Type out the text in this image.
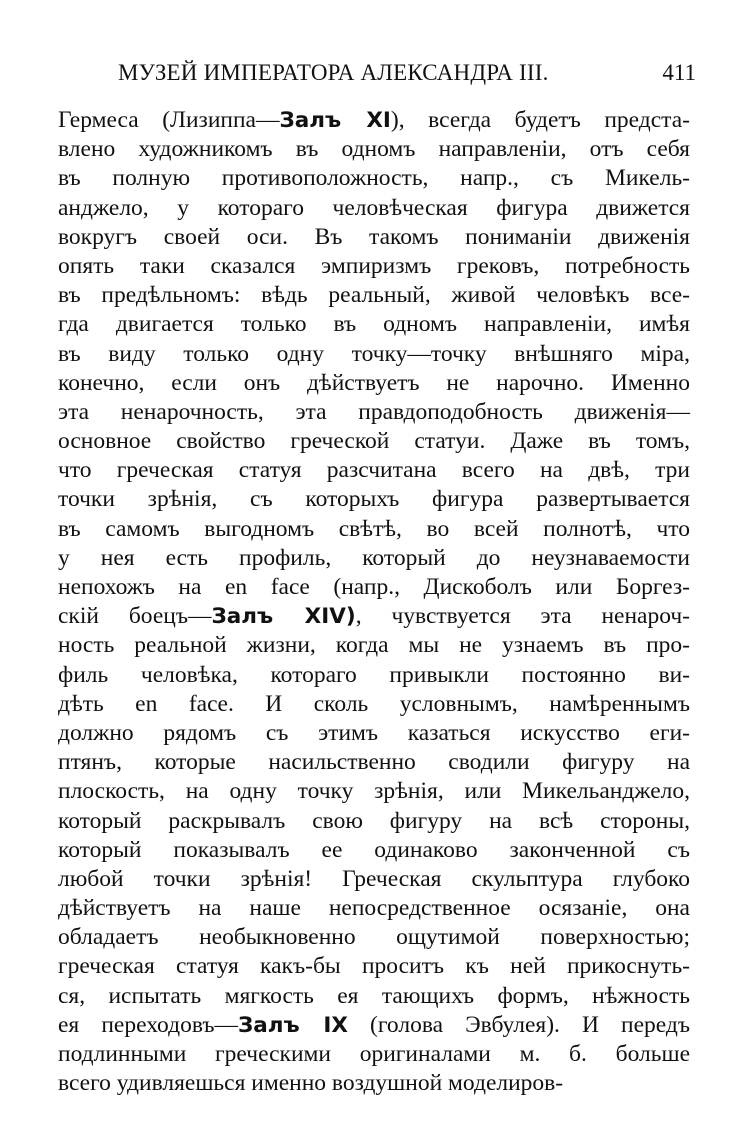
МУЗЕЙ ИМПЕРАТОРА АЛЕКСАНДРА III.	411
Гермеса (Лизиппа—Залъ XI), всегда будетъ предста-
влено художникомъ въ одномъ направленіи, отъ себя
въ полную противоположность, напр., съ Микель-
анджело, у котораго человѣческая фигура движется
вокругъ своей оси. Въ такомъ пониманіи движенія
опять таки сказался эмпиризмъ грековъ, потребность
въ предѣльномъ: вѣдь реальный, живой человѣкъ все-
гда двигается только въ одномъ направленіи, имѣя
въ виду только одну точку—точку внѣшняго міра,
конечно, если онъ дѣйствуетъ не нарочно. Именно
эта ненарочность, эта правдоподобность движенія—
основное свойство греческой статуи. Даже въ томъ,
что греческая статуя разсчитана всего на двѣ, три
точки зрѣнія, съ которыхъ фигура развертывается
въ самомъ выгодномъ свѣтѣ, во всей полнотѣ, что
у нея есть профиль, который до неузнаваемости
непохожъ на en face (напр., Дискоболъ или Боргез-
скій боецъ—Залъ XIV), чувствуется эта ненароч-
ность реальной жизни, когда мы не узнаемъ въ про-
филь человѣка, котораго привыкли постоянно ви-
дѣть en face. И сколь условнымъ, намѣреннымъ
должно рядомъ съ этимъ казаться искусство еги-
птянъ, которые насильственно сводили фигуру на
плоскость, на одну точку зрѣнія, или Микельанджело,
который раскрывалъ свою фигуру на всѣ стороны,
который показывалъ ее одинаково законченной съ
любой точки зрѣнія! Греческая скульптура глубоко
дѣйствуетъ на наше непосредственное осязаніе, она
обладаетъ необыкновенно ощутимой поверхностью;
греческая статуя какъ-бы проситъ къ ней прикоснуть-
ся, испытать мягкость ея тающихъ формъ, нѣжность
ея переходовъ—Залъ IX (голова Эвбулея). И передъ
подлинными греческими оригиналами м. б. больше
всего удивляешься именно воздушной моделиров-
